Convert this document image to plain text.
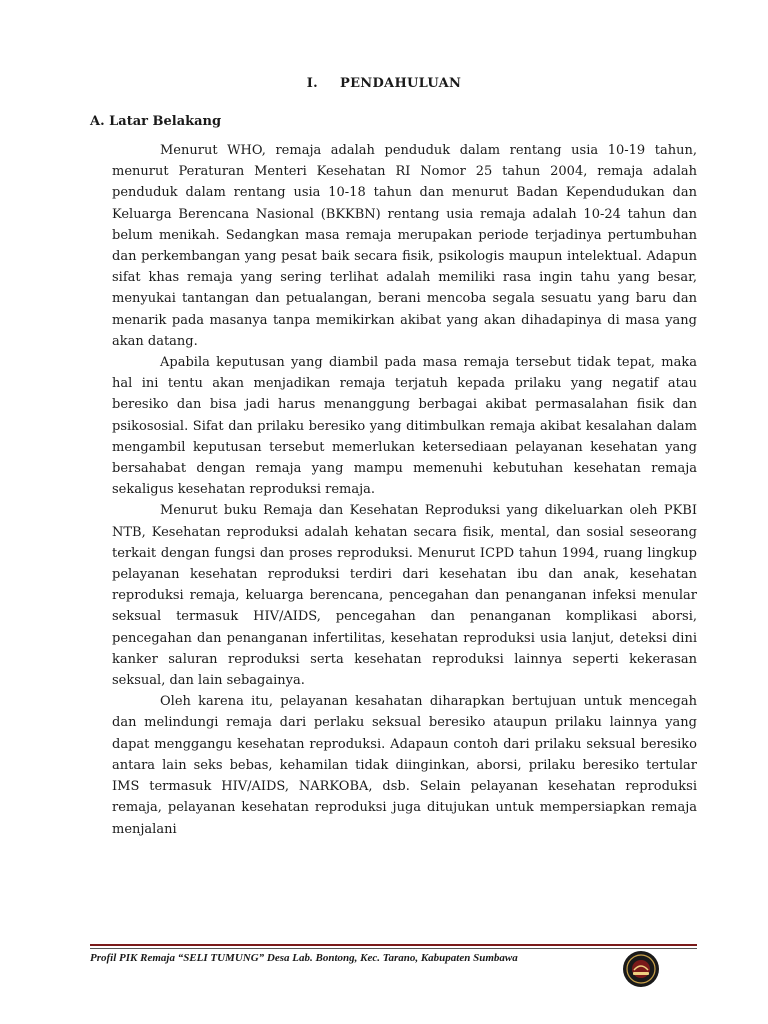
I. PENDAHULUAN
A. Latar Belakang

Menurut WHO, remaja adalah penduduk dalam rentang usia 10-19 tahun, menurut Peraturan Menteri Kesehatan RI Nomor 25 tahun 2004, remaja adalah penduduk dalam rentang usia 10-18 tahun dan menurut Badan Kependudukan dan Keluarga Berencana Nasional (BKKBN) rentang usia remaja adalah 10-24 tahun dan belum menikah. Sedangkan masa remaja merupakan periode terjadinya pertumbuhan dan perkembangan yang pesat baik secara fisik, psikologis maupun intelektual. Adapun sifat khas remaja yang sering terlihat adalah memiliki rasa ingin tahu yang besar, menyukai tantangan dan petualangan, berani mencoba segala sesuatu yang baru dan menarik pada masanya tanpa memikirkan akibat yang akan dihadapinya di masa yang akan datang.

Apabila keputusan yang diambil pada masa remaja tersebut tidak tepat, maka hal ini tentu akan menjadikan remaja terjatuh kepada prilaku yang negatif atau beresiko dan bisa jadi harus menanggung berbagai akibat permasalahan fisik dan psikososial. Sifat dan prilaku beresiko yang ditimbulkan remaja akibat kesalahan dalam mengambil keputusan tersebut memerlukan ketersediaan pelayanan kesehatan yang bersahabat dengan remaja yang mampu memenuhi kebutuhan kesehatan remaja sekaligus kesehatan reproduksi remaja.

Menurut buku Remaja dan Kesehatan Reproduksi yang dikeluarkan oleh PKBI NTB, Kesehatan reproduksi adalah kehatan secara fisik, mental, dan sosial seseorang terkait dengan fungsi dan proses reproduksi. Menurut ICPD tahun 1994, ruang lingkup pelayanan kesehatan reproduksi terdiri dari kesehatan ibu dan anak, kesehatan reproduksi remaja, keluarga berencana, pencegahan dan penanganan infeksi menular seksual termasuk HIV/AIDS, pencegahan dan penanganan komplikasi aborsi, pencegahan dan penanganan infertilitas, kesehatan reproduksi usia lanjut, deteksi dini kanker saluran reproduksi serta kesehatan reproduksi lainnya seperti kekerasan seksual, dan lain sebagainya.

Oleh karena itu, pelayanan kesahatan diharapkan bertujuan untuk mencegah dan melindungi remaja dari perlaku seksual beresiko ataupun prilaku lainnya yang dapat menggangu kesehatan reproduksi. Adapaun contoh dari prilaku seksual beresiko antara lain seks bebas, kehamilan tidak diinginkan, aborsi, prilaku beresiko tertular IMS termasuk HIV/AIDS, NARKOBA, dsb. Selain pelayanan kesehatan reproduksi remaja, pelayanan kesehatan reproduksi juga ditujukan untuk mempersiapkan remaja menjalani

Profil PIK Remaja “SELI TUMUNG” Desa Lab. Bontong, Kec. Tarano, Kabupaten Sumbawa
